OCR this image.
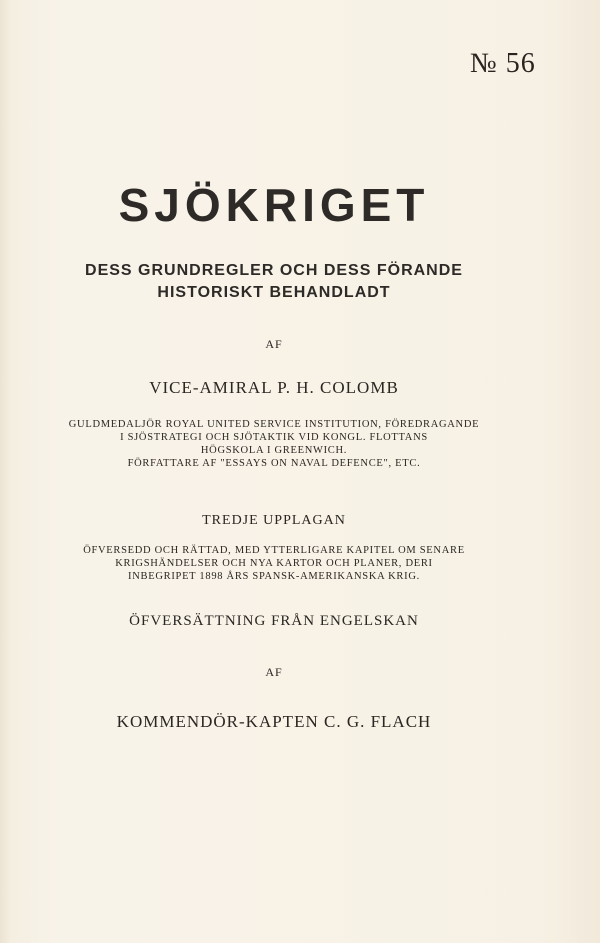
№ 56
SJÖKRIGET
DESS GRUNDREGLER OCH DESS FÖRANDE
HISTORISKT BEHANDLADT
AF
VICE-AMIRAL P. H. COLOMB
GULDMEDALJÖR ROYAL UNITED SERVICE INSTITUTION, FÖREDRAGANDE
I SJÖSTRATEGI OCH SJÖTAKTIK VID KONGL. FLOTTANS
HÖGSKOLA I GREENWICH.
FÖRFATTARE AF "ESSAYS ON NAVAL DEFENCE", ETC.
TREDJE UPPLAGAN
ÖFVERSEDD OCH RÄTTAD, MED YTTERLIGARE KAPITEL OM SENARE
KRIGSHÄNDELSER OCH NYA KARTOR OCH PLANER, DERI
INBEGRIPET 1898 ÅRS SPANSK-AMERIKANSKA KRIG.
ÖFVERSÄTTNING FRÅN ENGELSKAN
AF
KOMMENDÖR-KAPTEN C. G. FLACH
